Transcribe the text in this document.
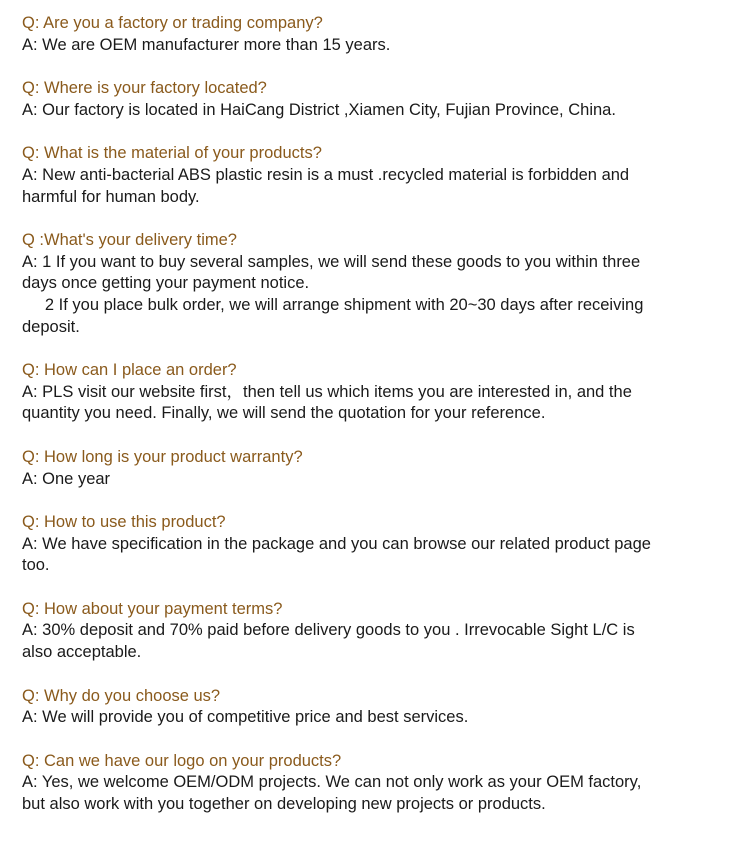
Q: Are you a factory or trading company?
A: We are OEM manufacturer more than 15 years.
Q: Where is your factory located?
A: Our factory is located in HaiCang District ,Xiamen City, Fujian Province, China.
Q: What is the material of your products?
A: New anti-bacterial ABS plastic resin is a must .recycled material is forbidden and
harmful for human body.
Q :What's your delivery time?
A: 1 If you want to buy several samples, we will send these goods to you within three
days once getting your payment notice.
2 If you place bulk order, we will arrange shipment with 20~30 days after receiving
deposit.
Q: How can I place an order?
A: PLS visit our website first，then tell us which items you are interested in, and the
quantity you need. Finally, we will send the quotation for your reference.
Q: How long is your product warranty?
A: One year
Q: How to use this product?
A: We have specification in the package and you can browse our related product page
too.
Q: How about your payment terms?
A: 30% deposit and 70% paid before delivery goods to you . Irrevocable Sight L/C is
also acceptable.
Q: Why do you choose us?
A: We will provide you of competitive price and best services.
Q: Can we have our logo on your products?
A: Yes, we welcome OEM/ODM projects. We can not only work as your OEM factory,
but also work with you together on developing new projects or products.
